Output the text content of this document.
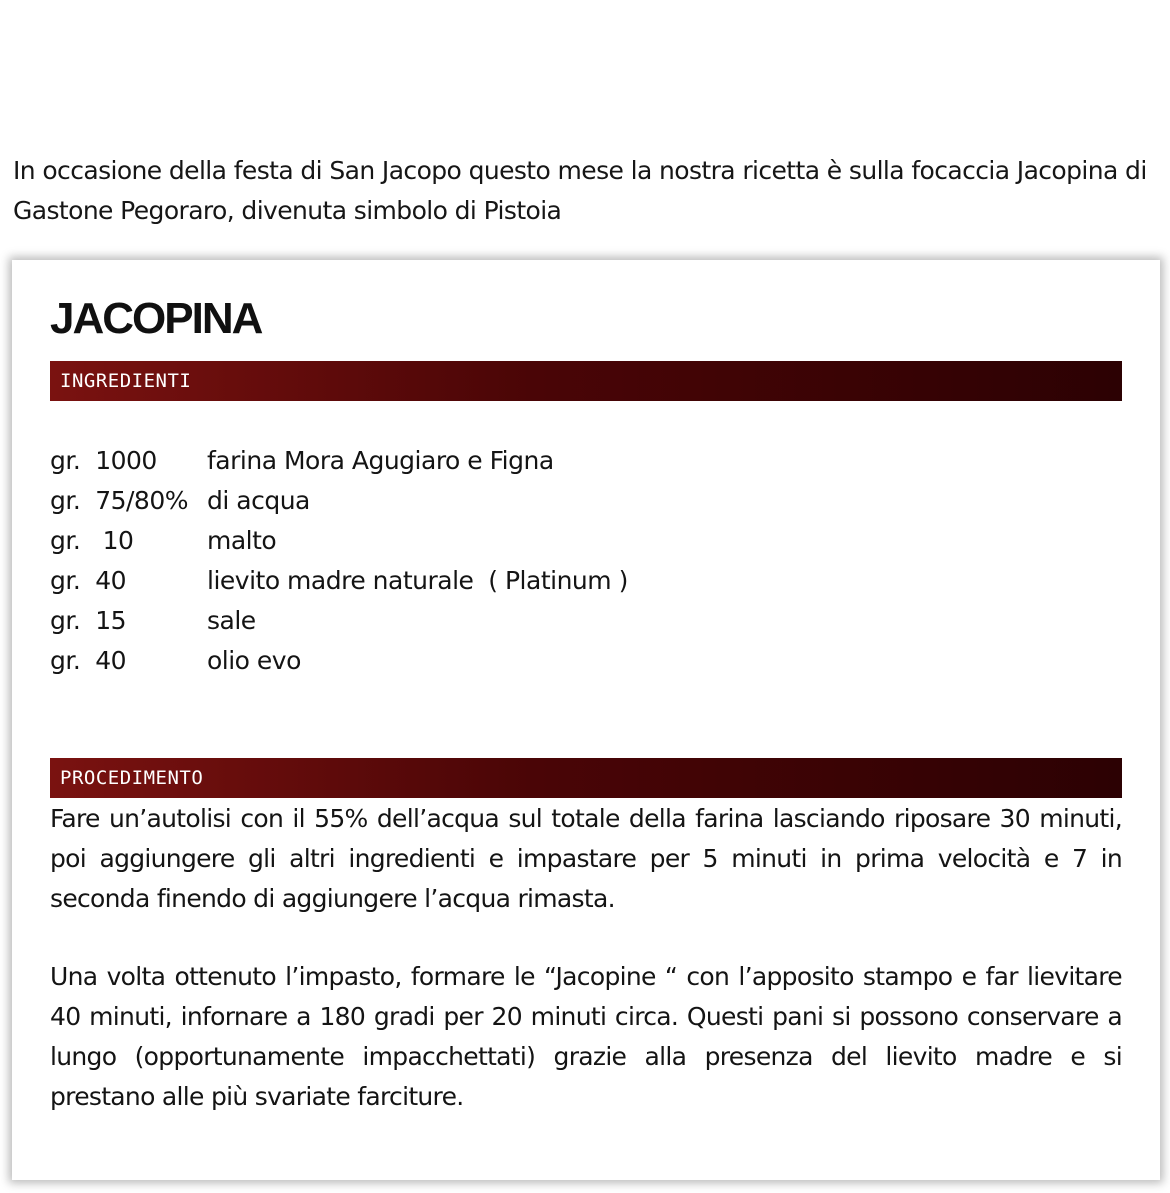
In occasione della festa di San Jacopo questo mese la nostra ricetta è sulla focaccia Jacopina di Gastone Pegoraro, divenuta simbolo di Pistoia

JACOPINA
INGREDIENTI
gr.  1000	farina Mora Agugiaro e Figna
gr.  75/80% di acqua
gr.   10	malto
gr.  40	lievito madre naturale  ( Platinum )
gr.  15	sale
gr.  40	olio evo
PROCEDIMENTO

Fare un’autolisi con il 55% dell’acqua sul totale della farina lasciando riposare 30 minuti, poi aggiungere gli altri ingredienti e impastare per 5 minuti in prima velocità e 7 in seconda finendo di aggiungere l’acqua rimasta.

Una volta ottenuto l’impasto, formare le “Jacopine “ con l’apposito stampo e far lievitare 40 minuti, infornare a 180 gradi per 20 minuti circa. Questi pani si possono conservare a lungo (opportunamente impacchettati) grazie alla presenza del lievito madre e si prestano alle più svariate farciture.
